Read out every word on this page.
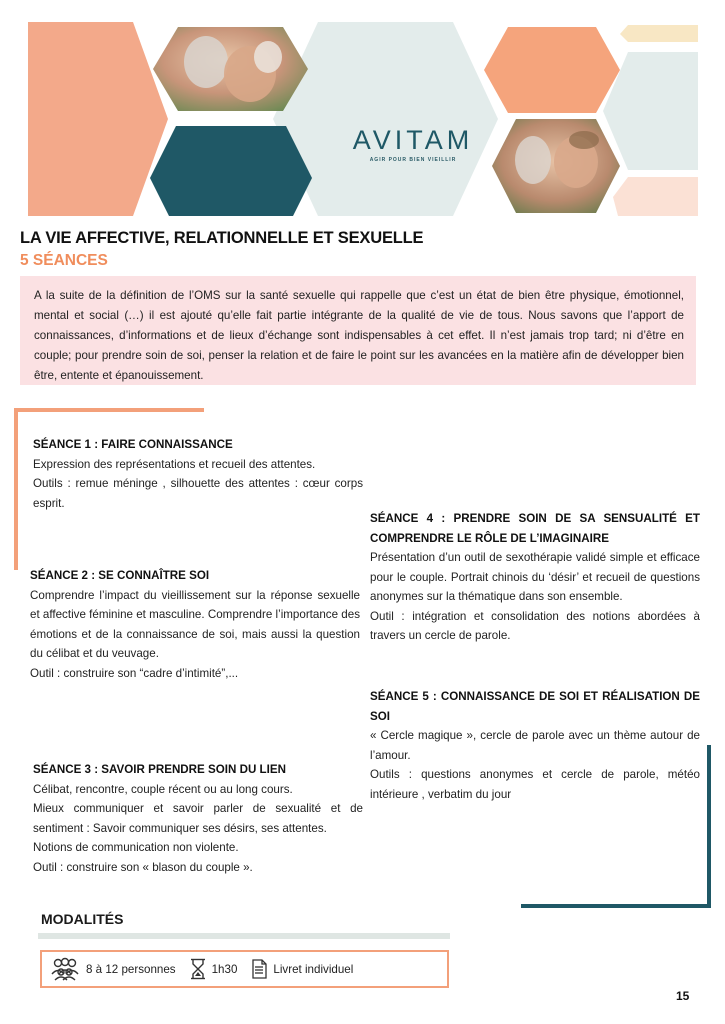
AVITAM
AGIR POUR BIEN VIEILLIR
LA VIE AFFECTIVE, RELATIONNELLE ET SEXUELLE
5 SÉANCES

A la suite de la définition de l’OMS sur la santé sexuelle qui rappelle que c’est un état de bien être physique, émotionnel, mental et social (…) il est ajouté qu’elle fait partie intégrante de la qualité de vie de tous. Nous savons que l’apport de connaissances, d’informations et de lieux d’échange sont indispensables à cet effet. Il n’est jamais trop tard; ni d’être en couple; pour prendre soin de soi, penser la relation et de faire le point sur les avancées en la matière afin de développer bien être, entente et épanouissement.

SÉANCE 1 : FAIRE CONNAISSANCE

Expression des représentations et recueil des attentes.

Outils : remue méninge , silhouette des attentes : cœur corps esprit.

SÉANCE 2 : SE CONNAÎTRE SOI

Comprendre l’impact du vieillissement sur la réponse sexuelle et affective féminine et masculine. Comprendre l’importance des émotions et de la connaissance de soi, mais aussi la question du célibat et du veuvage.

Outil : construire son “cadre d’intimité”,...

SÉANCE 3 : SAVOIR PRENDRE SOIN DU LIEN

Célibat, rencontre, couple récent ou au long cours.

Mieux communiquer et savoir parler de sexualité et de sentiment : Savoir communiquer ses désirs, ses attentes.

Notions de communication non violente.

Outil : construire son « blason du couple ».

SÉANCE 4 : PRENDRE SOIN DE SA SENSUALITÉ ET COMPRENDRE LE RÔLE DE L’IMAGINAIRE

Présentation d’un outil de sexothérapie validé simple et efficace pour le couple. Portrait chinois du ‘désir’ et recueil de questions anonymes sur la thématique dans son ensemble.

Outil : intégration et consolidation des notions abordées à travers un cercle de parole.

SÉANCE 5 : CONNAISSANCE DE SOI ET RÉALISATION DE SOI

« Cercle magique », cercle de parole avec un thème autour de l’amour.

Outils : questions anonymes et cercle de parole, météo intérieure , verbatim du jour

MODALITÉS
8 à 12 personnes	1h30	Livret individuel
15
